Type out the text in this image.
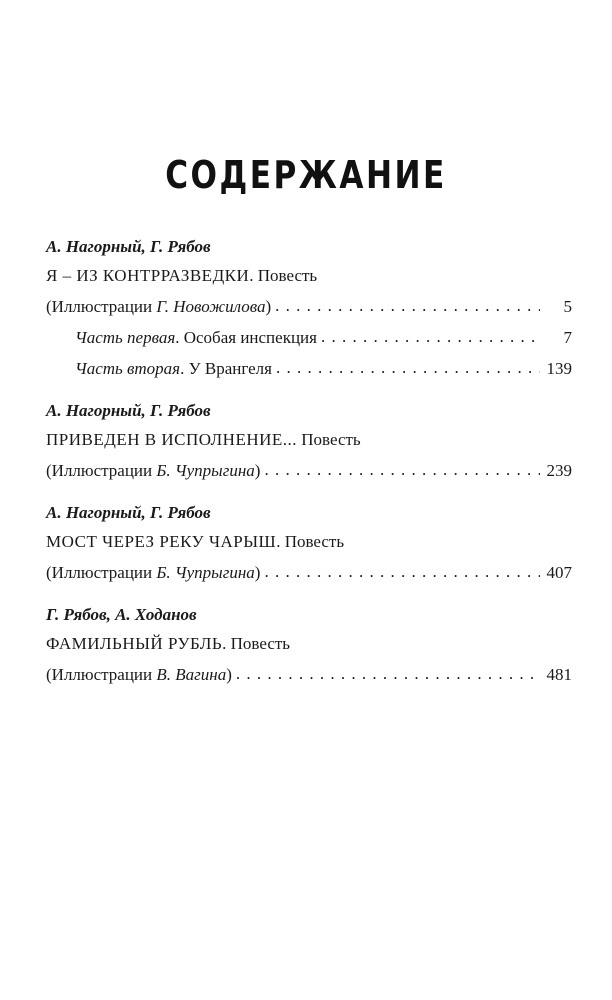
СОДЕРЖАНИЕ
А. Нагорный, Г. Рябов
Я – ИЗ КОНТРРАЗВЕДКИ. Повесть
(Иллюстрации Г. Новожилова) . . .	5
Часть первая. Особая инспекция . . .	7
Часть вторая. У Врангеля . . .	139
А. Нагорный, Г. Рябов
ПРИВЕДЕН В ИСПОЛНЕНИЕ... Повесть
(Иллюстрации Б. Чупрыгина) . . .	239
А. Нагорный, Г. Рябов
МОСТ ЧЕРЕЗ РЕКУ ЧАРЫШ. Повесть
(Иллюстрации Б. Чупрыгина) . . .	407
Г. Рябов, А. Ходанов
ФАМИЛЬНЫЙ РУБЛЬ. Повесть
(Иллюстрации В. Вагина) . . .	481
